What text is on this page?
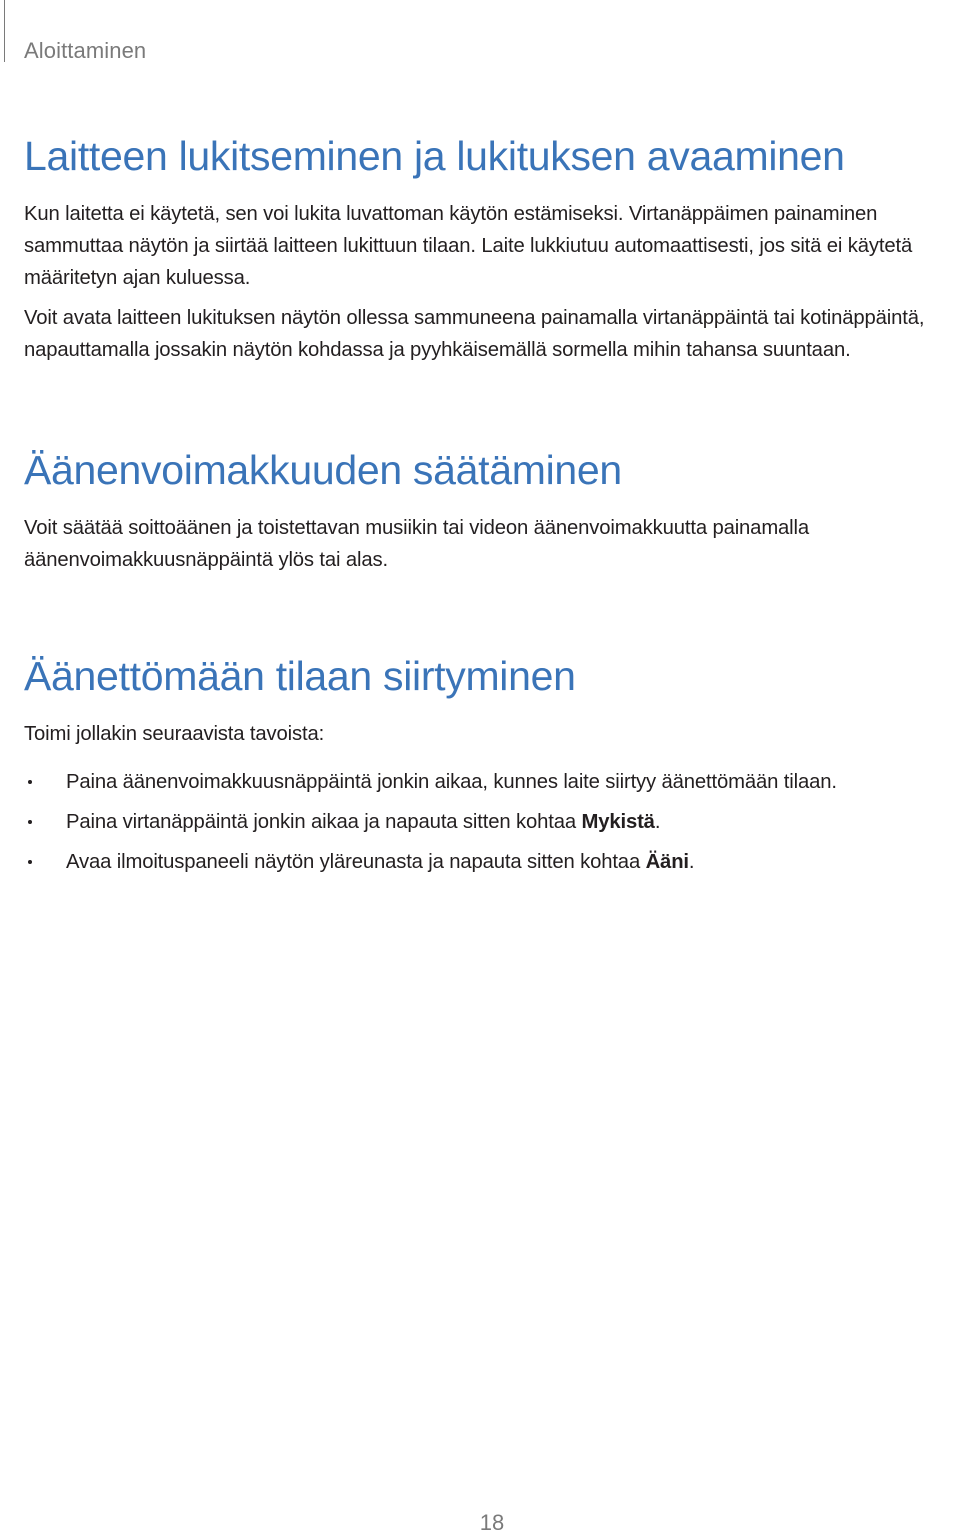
Aloittaminen
Laitteen lukitseminen ja lukituksen avaaminen

Kun laitetta ei käytetä, sen voi lukita luvattoman käytön estämiseksi. Virtanäppäimen painaminen sammuttaa näytön ja siirtää laitteen lukittuun tilaan. Laite lukkiutuu automaattisesti, jos sitä ei käytetä määritetyn ajan kuluessa.

Voit avata laitteen lukituksen näytön ollessa sammuneena painamalla virtanäppäintä tai kotinäppäintä, napauttamalla jossakin näytön kohdassa ja pyyhkäisemällä sormella mihin tahansa suuntaan.

Äänenvoimakkuuden säätäminen

Voit säätää soittoäänen ja toistettavan musiikin tai videon äänenvoimakkuutta painamalla äänenvoimakkuusnäppäintä ylös tai alas.

Äänettömään tilaan siirtyminen

Toimi jollakin seuraavista tavoista:

Paina äänenvoimakkuusnäppäintä jonkin aikaa, kunnes laite siirtyy äänettömään tilaan.
Paina virtanäppäintä jonkin aikaa ja napauta sitten kohtaa Mykistä.
Avaa ilmoituspaneeli näytön yläreunasta ja napauta sitten kohtaa Ääni.
18
